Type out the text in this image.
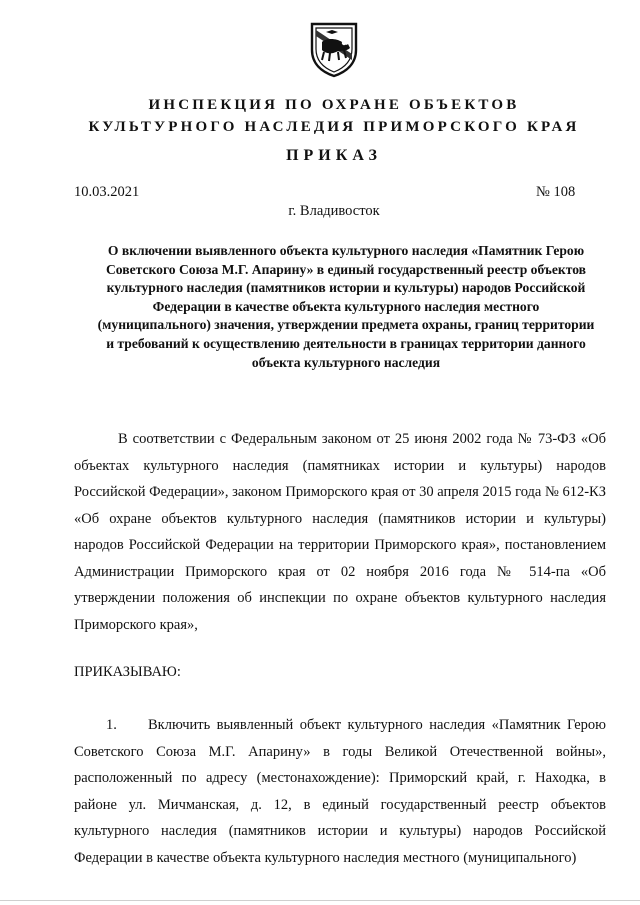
ИНСПЕКЦИЯ ПО ОХРАНЕ ОБЪЕКТОВ
КУЛЬТУРНОГО НАСЛЕДИЯ ПРИМОРСКОГО КРАЯ
ПРИКАЗ
10.03.2021	№ 108
г. Владивосток
О включении выявленного объекта культурного наследия «Памятник Герою Советского Союза М.Г. Апарину» в единый государственный реестр объектов культурного наследия (памятников истории и культуры) народов Российской Федерации в качестве объекта культурного наследия местного (муниципального) значения, утверждении предмета охраны, границ территории и требований к осуществлению деятельности в границах территории данного объекта культурного наследия
В соответствии с Федеральным законом от 25 июня 2002 года № 73-ФЗ «Об объектах культурного наследия (памятниках истории и культуры) народов Российской Федерации», законом Приморского края от 30 апреля 2015 года № 612-КЗ «Об охране объектов культурного наследия (памятников истории и культуры) народов Российской Федерации на территории Приморского края», постановлением Администрации Приморского края от 02 ноября 2016 года № 514-па «Об утверждении положения об инспекции по охране объектов культурного наследия Приморского края»,
ПРИКАЗЫВАЮ:
1. Включить выявленный объект культурного наследия «Памятник Герою Советского Союза М.Г. Апарину» в годы Великой Отечественной войны», расположенный по адресу (местонахождение): Приморский край, г. Находка, в районе ул. Мичманская, д. 12, в единый государственный реестр объектов культурного наследия (памятников истории и культуры) народов Российской Федерации в качестве объекта культурного наследия местного (муниципального)
